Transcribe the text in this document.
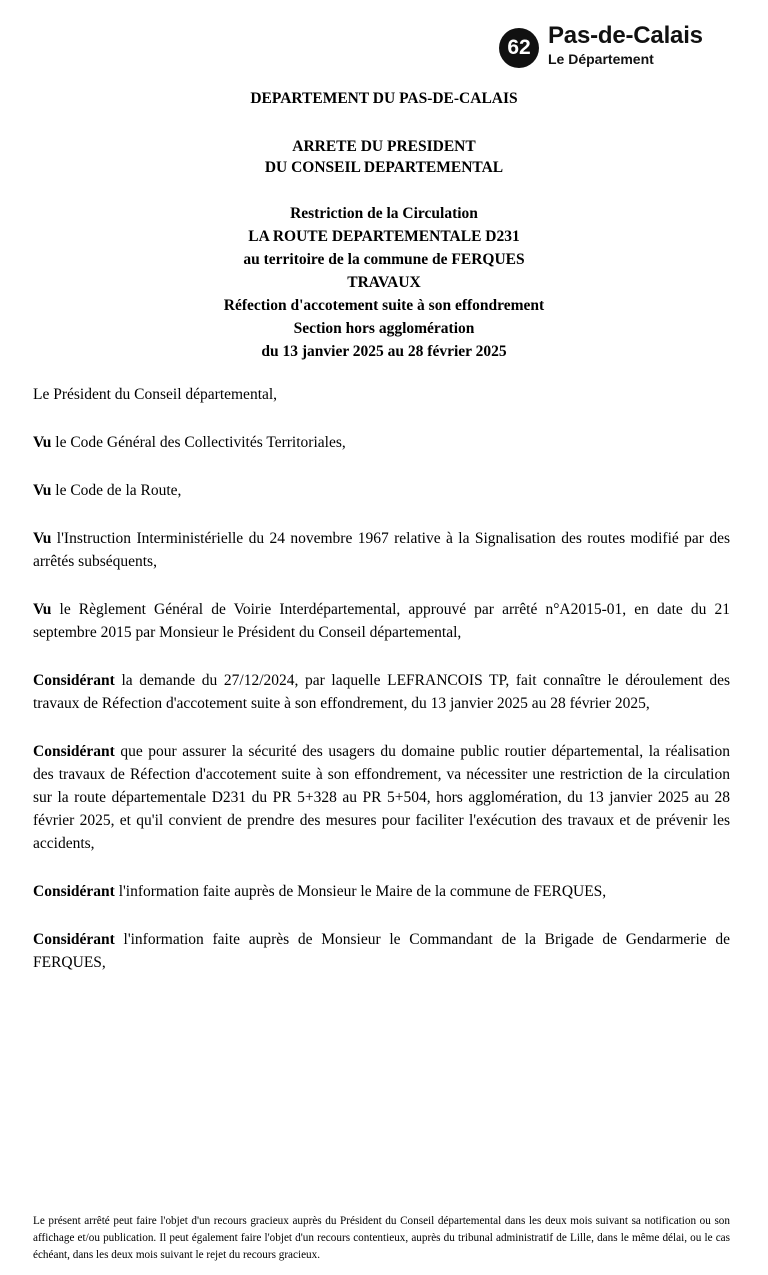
62 Pas-de-Calais
Le Département
DEPARTEMENT DU PAS-DE-CALAIS
ARRETE DU PRESIDENT
DU CONSEIL DEPARTEMENTAL
Restriction de la Circulation
LA ROUTE DEPARTEMENTALE D231
au territoire de la commune de FERQUES
TRAVAUX
Réfection d'accotement suite à son effondrement
Section hors agglomération
du 13 janvier 2025 au 28 février 2025

Le Président du Conseil départemental,

Vu le Code Général des Collectivités Territoriales,

Vu le Code de la Route,

Vu l'Instruction Interministérielle du 24 novembre 1967 relative à la Signalisation des routes modifié par des arrêtés subséquents,

Vu le Règlement Général de Voirie Interdépartemental, approuvé par arrêté n°A2015-01, en date du 21 septembre 2015 par Monsieur le Président du Conseil départemental,

Considérant la demande du 27/12/2024, par laquelle LEFRANCOIS TP, fait connaître le déroulement des travaux de Réfection d'accotement suite à son effondrement, du 13 janvier 2025 au 28 février 2025,

Considérant que pour assurer la sécurité des usagers du domaine public routier départemental, la réalisation des travaux de Réfection d'accotement suite à son effondrement, va nécessiter une restriction de la circulation sur la route départementale D231 du PR 5+328 au PR 5+504, hors agglomération, du 13 janvier 2025 au 28 février 2025, et qu'il convient de prendre des mesures pour faciliter l'exécution des travaux et de prévenir les accidents,

Considérant l'information faite auprès de Monsieur le Maire de la commune de FERQUES,

Considérant l'information faite auprès de Monsieur le Commandant de la Brigade de Gendarmerie de FERQUES,

Le présent arrêté peut faire l'objet d'un recours gracieux auprès du Président du Conseil départemental dans les deux mois suivant sa notification ou son affichage et/ou publication. Il peut également faire l'objet d'un recours contentieux, auprès du tribunal administratif de Lille, dans le même délai, ou le cas échéant, dans les deux mois suivant le rejet du recours gracieux.
